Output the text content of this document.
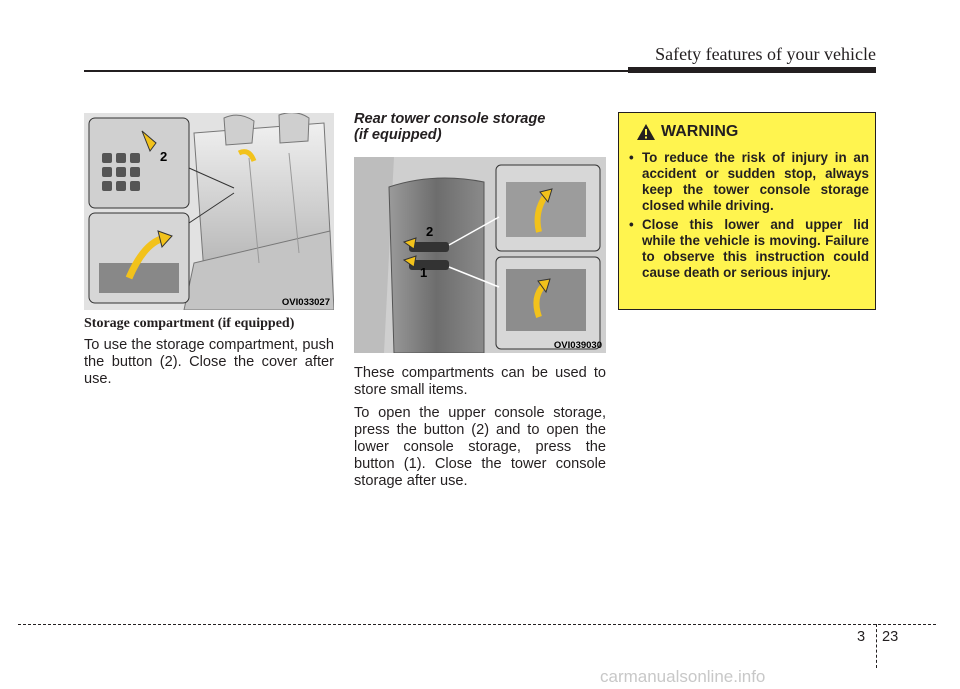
Safety features of your vehicle
2
OVI033027
Storage compartment (if equipped)

To use the storage compartment, push the button (2). Close the cover after use.

Rear tower console storage
(if equipped)
2
1
OVI039030

These compartments can be used to store small items.

To open the upper console storage, press the button (2) and to open the lower console storage, press the button (1). Close the tower console storage after use.

WARNING
• To reduce the risk of injury in an accident or sudden stop, always keep the tower console storage closed while driving.
• Close this lower and upper lid while the vehicle is moving. Failure to observe this instruction could cause death or serious injury.
3 23
carmanualsonline.info
